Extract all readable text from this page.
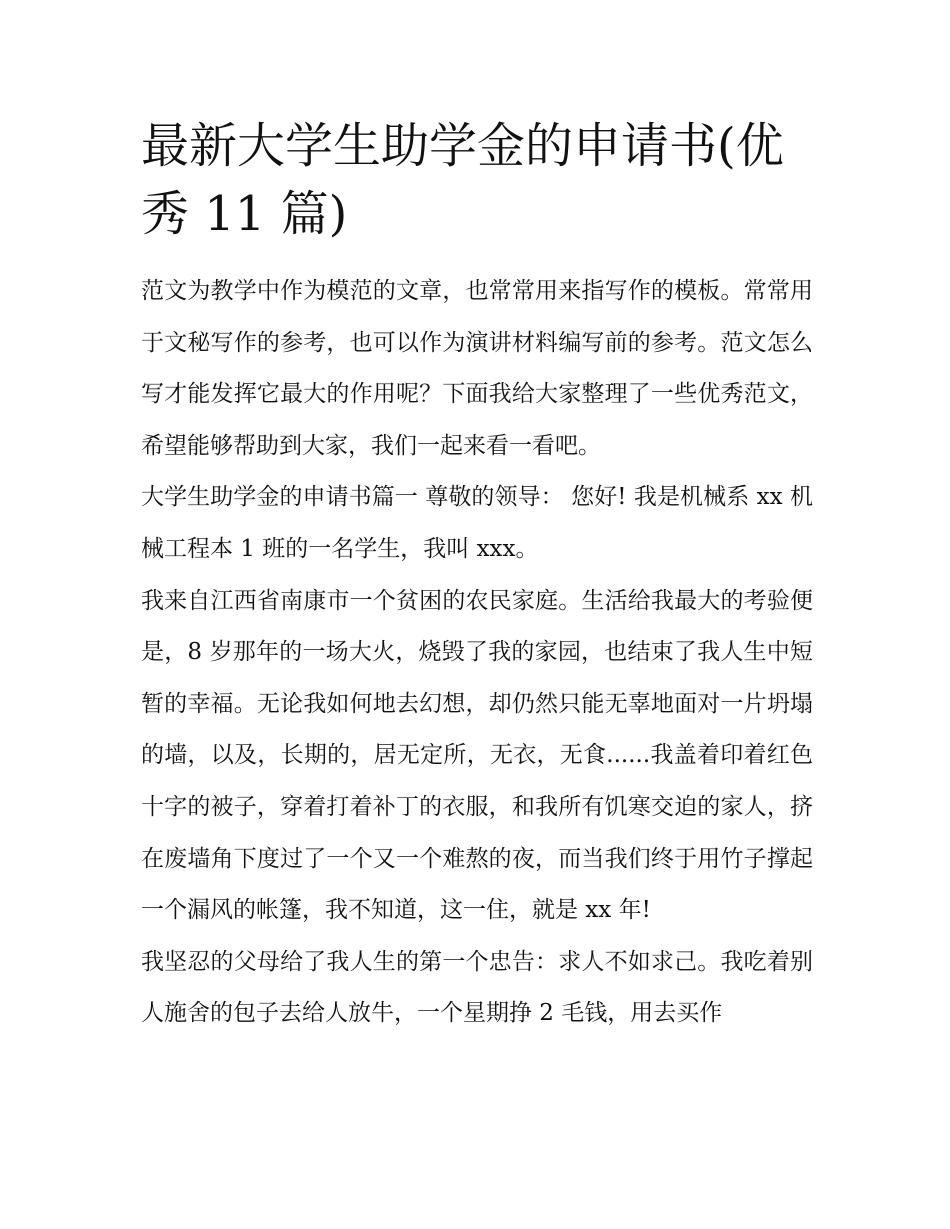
最新大学生助学金的申请书(优秀 11 篇)

范文为教学中作为模范的文章，也常常用来指写作的模板。常常用于文秘写作的参考，也可以作为演讲材料编写前的参考。范文怎么写才能发挥它最大的作用呢？下面我给大家整理了一些优秀范文，希望能够帮助到大家，我们一起来看一看吧。

大学生助学金的申请书篇一 尊敬的领导： 您好! 我是机械系 xx 机械工程本 1 班的一名学生，我叫 xxx。

我来自江西省南康市一个贫困的农民家庭。生活给我最大的考验便是，8 岁那年的一场大火，烧毁了我的家园，也结束了我人生中短暂的幸福。无论我如何地去幻想，却仍然只能无辜地面对一片坍塌的墙，以及，长期的，居无定所，无衣，无食......我盖着印着红色十字的被子，穿着打着补丁的衣服，和我所有饥寒交迫的家人，挤在废墙角下度过了一个又一个难熬的夜，而当我们终于用竹子撑起一个漏风的帐篷，我不知道，这一住，就是 xx 年!

我坚忍的父母给了我人生的第一个忠告：求人不如求己。我吃着别人施舍的包子去给人放牛，一个星期挣 2 毛钱，用去买作
